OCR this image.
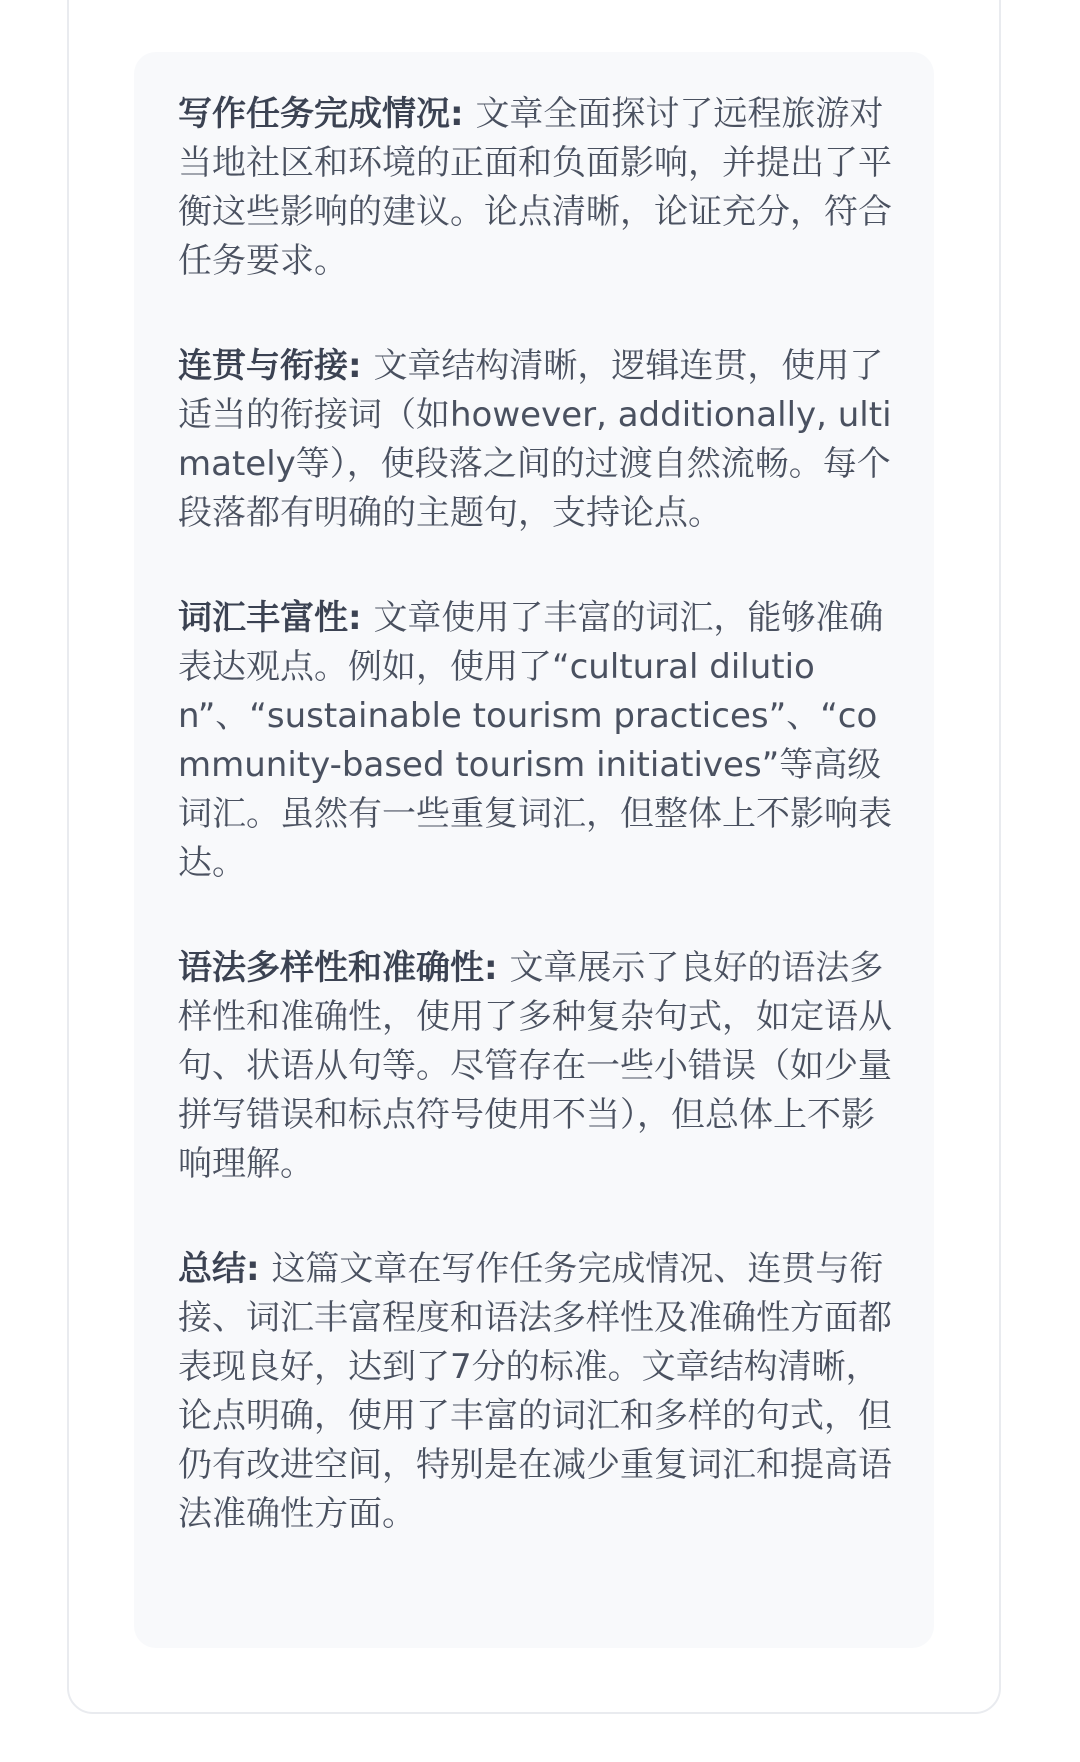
写作任务完成情况: 文章全面探讨了远程旅游对当地社区和环境的正面和负面影响，并提出了平衡这些影响的建议。论点清晰，论证充分，符合任务要求。

连贯与衔接: 文章结构清晰，逻辑连贯，使用了适当的衔接词（如however, additionally, ultimately等），使段落之间的过渡自然流畅。每个段落都有明确的主题句，支持论点。

词汇丰富性: 文章使用了丰富的词汇，能够准确表达观点。例如，使用了“cultural dilution”、“sustainable tourism practices”、“community-based tourism initiatives”等高级词汇。虽然有一些重复词汇，但整体上不影响表达。

语法多样性和准确性: 文章展示了良好的语法多样性和准确性，使用了多种复杂句式，如定语从句、状语从句等。尽管存在一些小错误（如少量拼写错误和标点符号使用不当），但总体上不影响理解。

总结: 这篇文章在写作任务完成情况、连贯与衔接、词汇丰富程度和语法多样性及准确性方面都表现良好，达到了7分的标准。文章结构清晰，论点明确，使用了丰富的词汇和多样的句式，但仍有改进空间，特别是在减少重复词汇和提高语法准确性方面。
